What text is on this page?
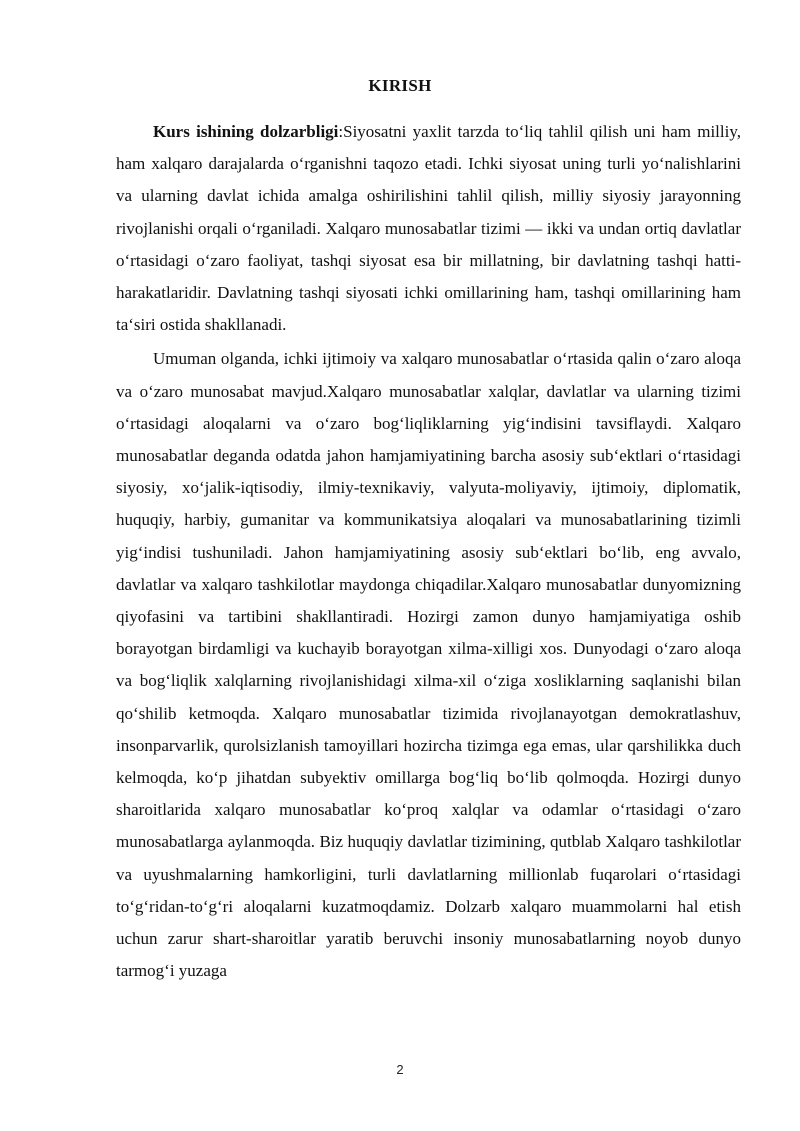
KIRISH

Kurs ishining dolzarbligi:Siyosatni yaxlit tarzda to‘liq tahlil qilish uni ham milliy, ham xalqaro darajalarda o‘rganishni taqozo etadi. Ichki siyosat uning turli yo‘nalishlarini va ularning davlat ichida amalga oshirilishini tahlil qilish, milliy siyosiy jarayonning rivojlanishi orqali o‘rganiladi. Xalqaro munosabatlar tizimi — ikki va undan ortiq davlatlar o‘rtasidagi o‘zaro faoliyat, tashqi siyosat esa bir millatning, bir davlatning tashqi hatti-harakatlaridir. Davlatning tashqi siyosati ichki omillarining ham, tashqi omillarining ham ta‘siri ostida shakllanadi.

Umuman olganda, ichki ijtimoiy va xalqaro munosabatlar o‘rtasida qalin o‘zaro aloqa va o‘zaro munosabat mavjud.Xalqaro munosabatlar xalqlar, davlatlar va ularning tizimi o‘rtasidagi aloqalarni va o‘zaro bog‘liqliklarning yig‘indisini tavsiflaydi. Xalqaro munosabatlar deganda odatda jahon hamjamiyatining barcha asosiy sub‘ektlari o‘rtasidagi siyosiy, xo‘jalik-iqtisodiy, ilmiy-texnikaviy, valyuta-moliyaviy, ijtimoiy, diplomatik, huquqiy, harbiy, gumanitar va kommunikatsiya aloqalari va munosabatlarining tizimli yig‘indisi tushuniladi. Jahon hamjamiyatining asosiy sub‘ektlari bo‘lib, eng avvalo, davlatlar va xalqaro tashkilotlar maydonga chiqadilar.Xalqaro munosabatlar dunyomizning qiyofasini va tartibini shakllantiradi. Hozirgi zamon dunyo hamjamiyatiga oshib borayotgan birdamligi va kuchayib borayotgan xilma-xilligi xos. Dunyodagi o‘zaro aloqa va bog‘liqlik xalqlarning rivojlanishidagi xilma-xil o‘ziga xosliklarning saqlanishi bilan qo‘shilib ketmoqda. Xalqaro munosabatlar tizimida rivojlanayotgan demokratlashuv, insonparvarlik, qurolsizlanish tamoyillari hozircha tizimga ega emas, ular qarshilikka duch kelmoqda, ko‘p jihatdan subyektiv omillarga bog‘liq bo‘lib qolmoqda. Hozirgi dunyo sharoitlarida xalqaro munosabatlar ko‘proq xalqlar va odamlar o‘rtasidagi o‘zaro munosabatlarga aylanmoqda. Biz huquqiy davlatlar tizimining, qutblab Xalqaro tashkilotlar va uyushmalarning hamkorligini, turli davlatlarning millionlab fuqarolari o‘rtasidagi to‘g‘ridan-to‘g‘ri aloqalarni kuzatmoqdamiz. Dolzarb xalqaro muammolarni hal etish uchun zarur shart-sharoitlar yaratib beruvchi insoniy munosabatlarning noyob dunyo tarmog‘i yuzaga

2
